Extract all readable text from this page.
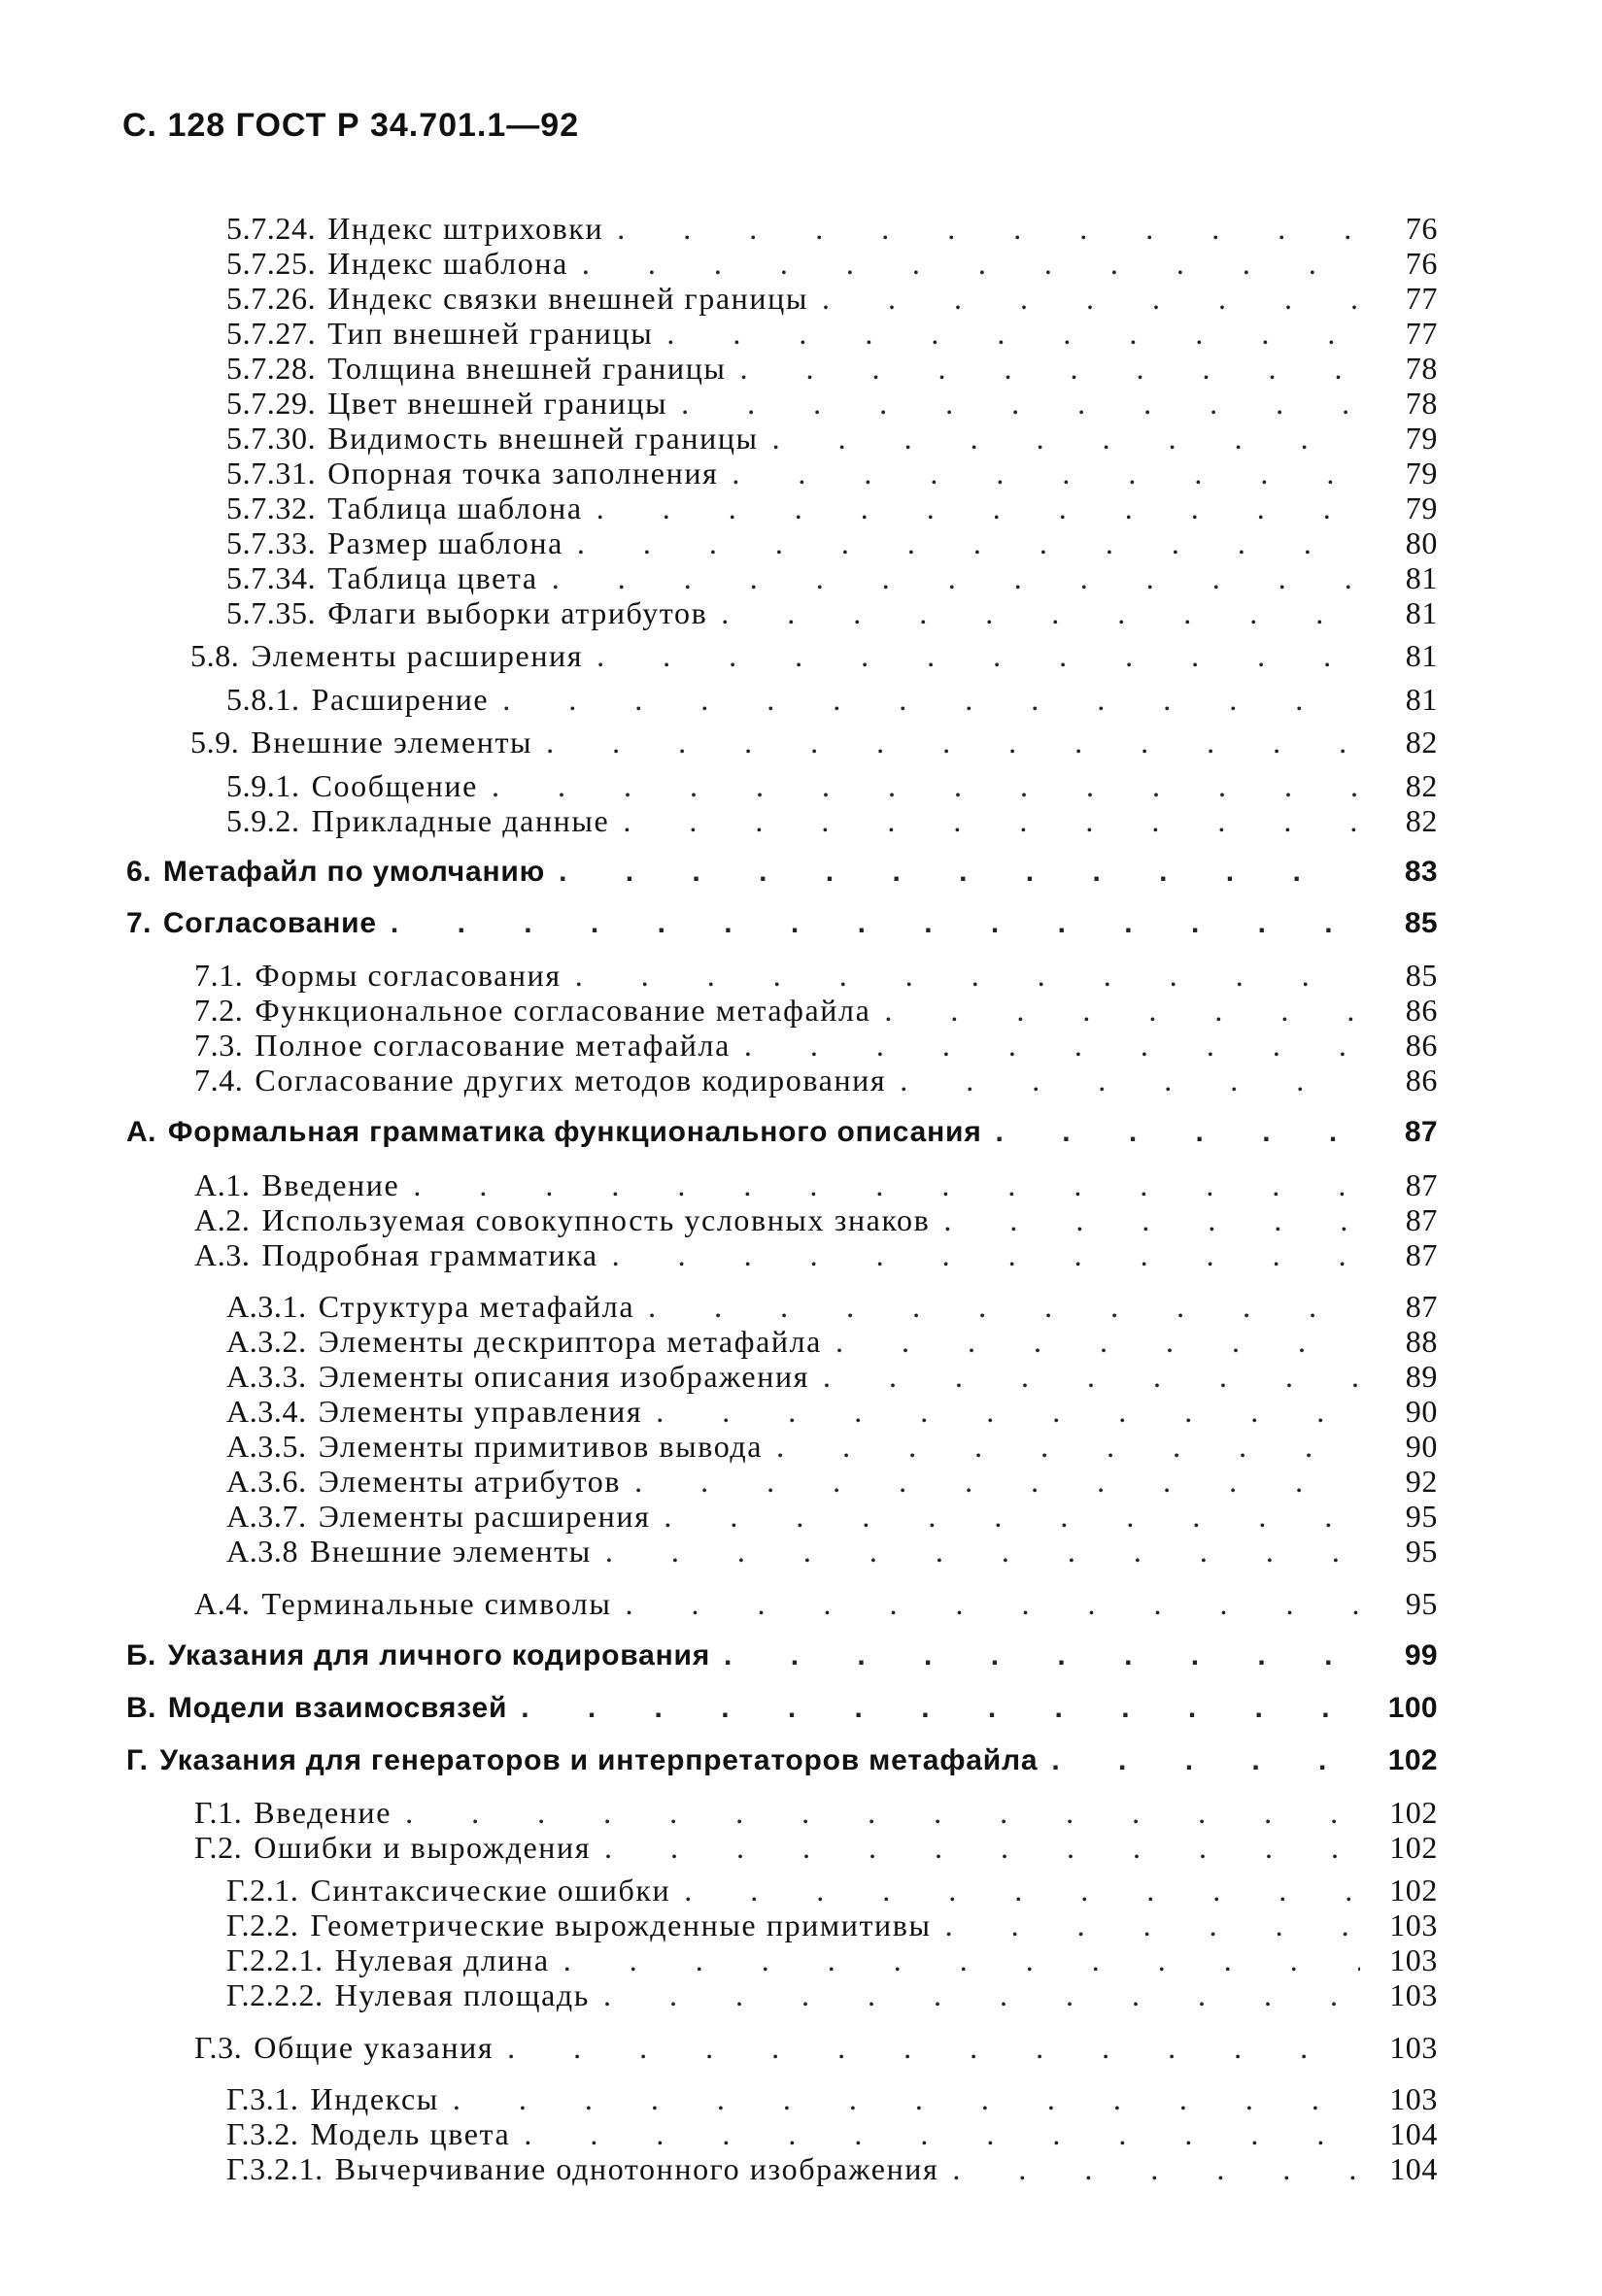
С. 128 ГОСТ Р 34.701.1—92
5.7.24. Индекс штриховки . . .	76
5.7.25. Индекс шаблона . . .	76
5.7.26. Индекс связки внешней границы . . .	77
5.7.27. Тип внешней границы . . .	77
5.7.28. Толщина внешней границы . . .	78
5.7.29. Цвет внешней границы . . .	78
5.7.30. Видимость внешней границы . . .	79
5.7.31. Опорная точка заполнения . . .	79
5.7.32. Таблица шаблона . . .	79
5.7.33. Размер шаблона . . .	80
5.7.34. Таблица цвета . . .	81
5.7.35. Флаги выборки атрибутов . . .	81
5.8. Элементы расширения . . .	81
5.8.1. Расширение . . .	81
5.9. Внешние элементы . . .	82
5.9.1. Сообщение . . .	82
5.9.2. Прикладные данные . . .	82
6. Метафайл по умолчанию . . .	83
7. Согласование . . .	85
7.1. Формы согласования . . .	85
7.2. Функциональное согласование метафайла . . .	86
7.3. Полное согласование метафайла . . .	86
7.4. Согласование других методов кодирования . . .	86
А. Формальная грамматика функционального описания . . .	87
А.1. Введение . . .	87
А.2. Используемая совокупность условных знаков . . .	87
А.3. Подробная грамматика . . .	87
А.3.1. Структура метафайла . . .	87
А.3.2. Элементы дескриптора метафайла . . .	88
А.3.3. Элементы описания изображения . . .	89
А.3.4. Элементы управления . . .	90
А.3.5. Элементы примитивов вывода . . .	90
А.3.6. Элементы атрибутов . . .	92
А.3.7. Элементы расширения . . .	95
А.3.8 Внешние элементы . . .	95
А.4. Терминальные символы . . .	95
Б. Указания для личного кодирования . . .	99
В. Модели взаимосвязей . . .	100
Г. Указания для генераторов и интерпретаторов метафайла . . .	102
Г.1. Введение . . .	102
Г.2. Ошибки и вырождения . . .	102
Г.2.1. Синтаксические ошибки . . .	102
Г.2.2. Геометрические вырожденные примитивы . . .	103
Г.2.2.1. Нулевая длина . . .	103
Г.2.2.2. Нулевая площадь . . .	103
Г.3. Общие указания . . .	103
Г.3.1. Индексы . . .	103
Г.3.2. Модель цвета . . .	104
Г.3.2.1. Вычерчивание однотонного изображения . . .	104
